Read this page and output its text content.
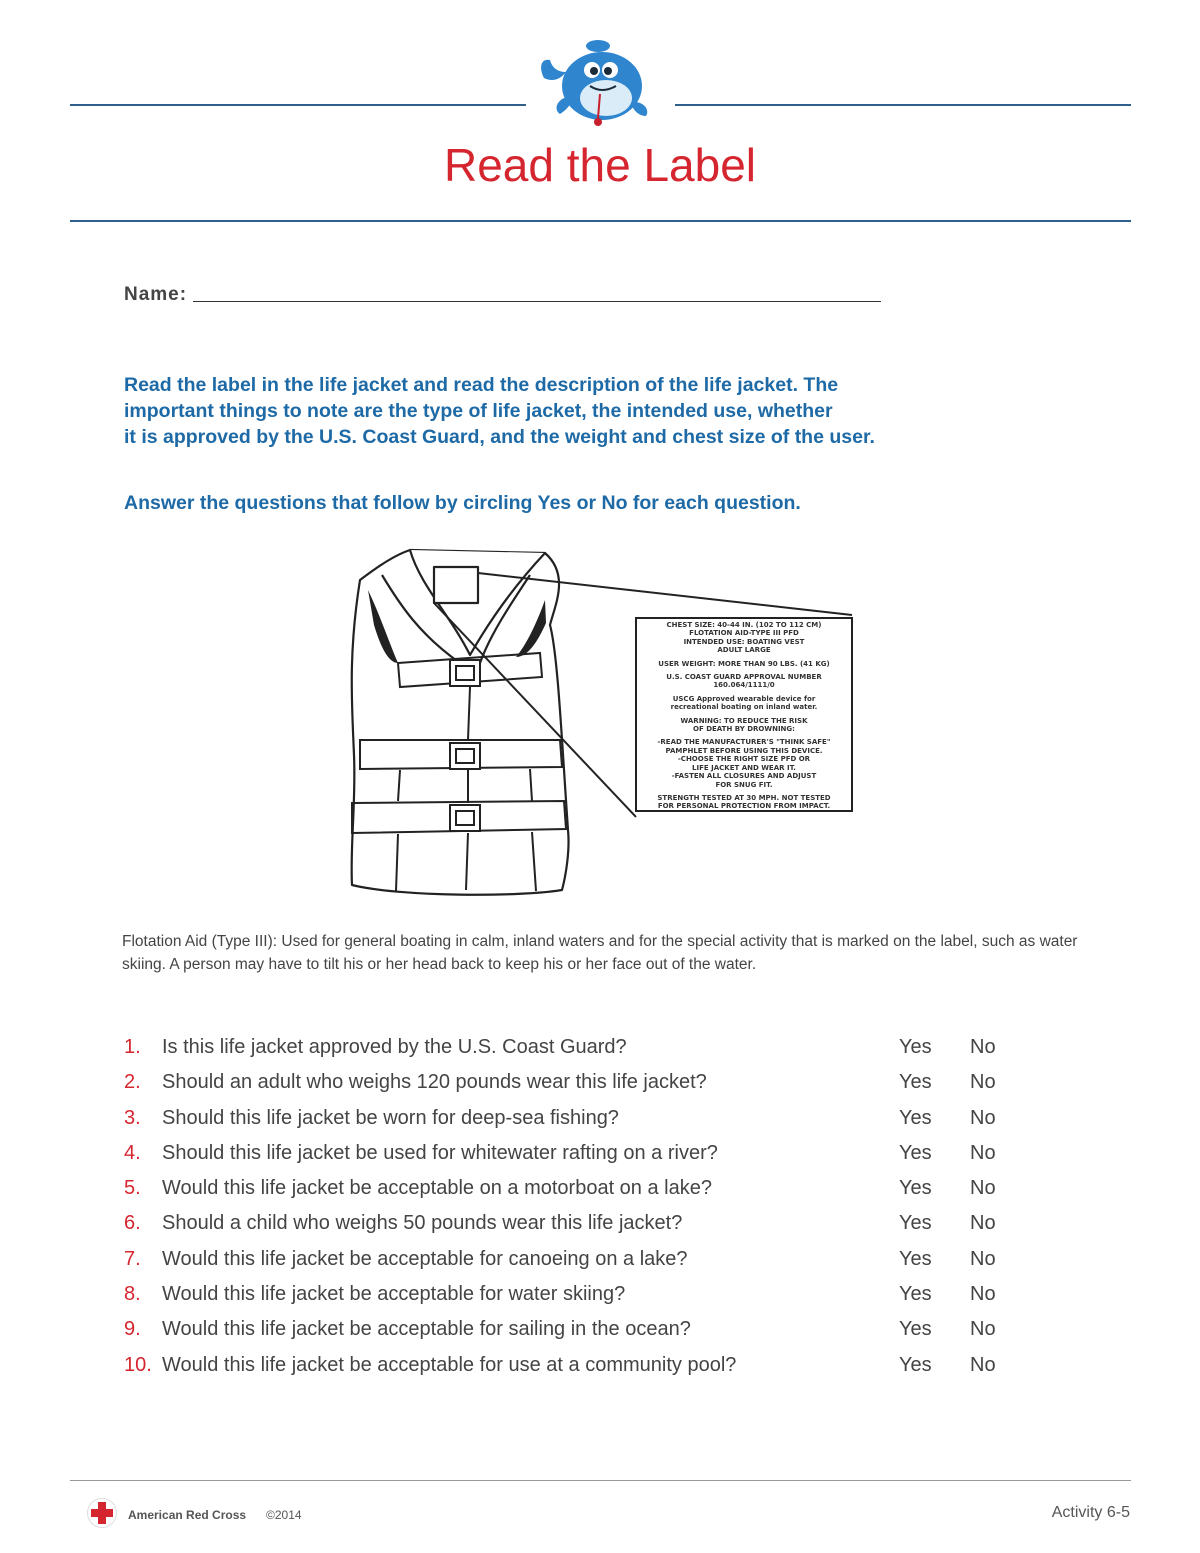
Read the Label
Name:

Read the label in the life jacket and read the description of the life jacket. The
important things to note are the type of life jacket, the intended use, whether
it is approved by the U.S. Coast Guard, and the weight and chest size of the user.

Answer the questions that follow by circling Yes or No for each question.

CHEST SIZE: 40-44 IN. (102 TO 112 CM)
FLOTATION AID-TYPE III PFD
INTENDED USE: BOATING VEST
ADULT LARGE
USER WEIGHT: MORE THAN 90 LBS. (41 KG)
U.S. COAST GUARD APPROVAL NUMBER
160.064/1111/0
USCG Approved wearable device for
recreational boating on inland water.
WARNING: TO REDUCE THE RISK
OF DEATH BY DROWNING:
-READ THE MANUFACTURER'S "THINK SAFE"
PAMPHLET BEFORE USING THIS DEVICE.
-CHOOSE THE RIGHT SIZE PFD OR
LIFE JACKET AND WEAR IT.
-FASTEN ALL CLOSURES AND ADJUST
FOR SNUG FIT.
STRENGTH TESTED AT 30 MPH. NOT TESTED
FOR PERSONAL PROTECTION FROM IMPACT.

Flotation Aid (Type III): Used for general boating in calm, inland waters and for the special activity that is marked on the label, such as water skiing. A person may have to tilt his or her head back to keep his or her face out of the water.

1. Is this life jacket approved by the U.S. Coast Guard?	Yes No
2. Should an adult who weighs 120 pounds wear this life jacket?	Yes No
3. Should this life jacket be worn for deep-sea fishing?	Yes No
4. Should this life jacket be used for whitewater rafting on a river?	Yes No
5. Would this life jacket be acceptable on a motorboat on a lake?	Yes No
6. Should a child who weighs 50 pounds wear this life jacket?	Yes No
7. Would this life jacket be acceptable for canoeing on a lake?	Yes No
8. Would this life jacket be acceptable for water skiing?	Yes No
9. Would this life jacket be acceptable for sailing in the ocean?	Yes No
10. Would this life jacket be acceptable for use at a community pool?	Yes No
American Red Cross ©2014	Activity 6-5
